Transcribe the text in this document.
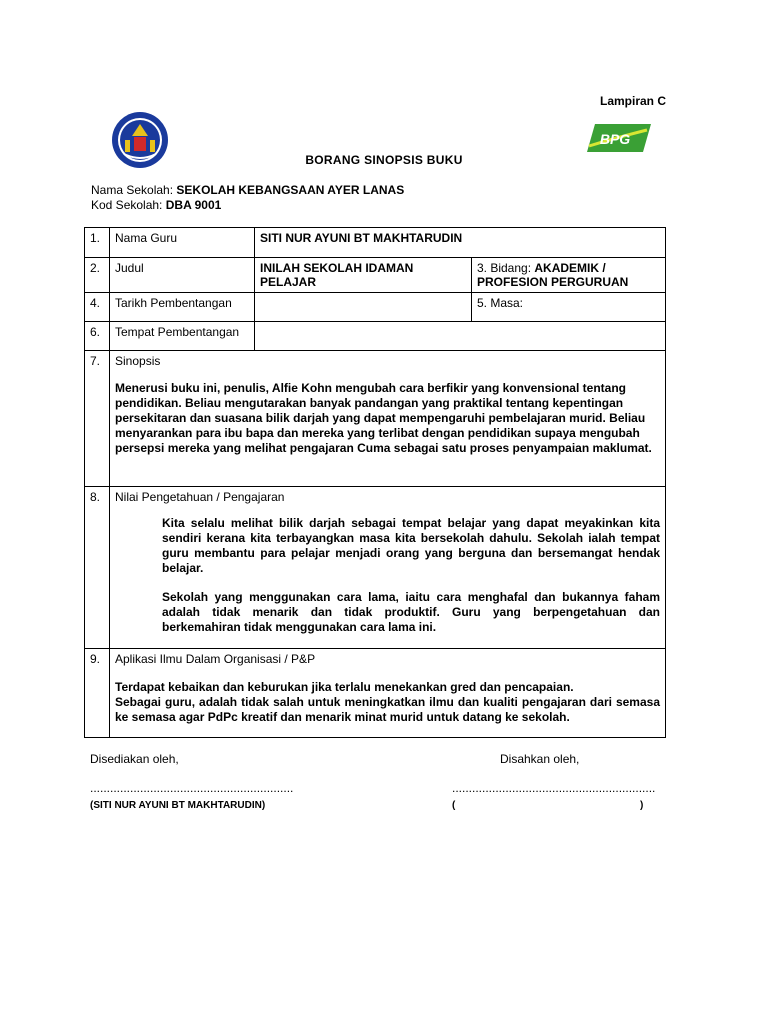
BPG
Lampiran C
BORANG SINOPSIS BUKU
Nama Sekolah: SEKOLAH KEBANGSAAN AYER LANAS
Kod Sekolah: DBA 9001
1.	Nama Guru	SITI NUR AYUNI BT MAKHTARUDIN	
2.	Judul	INILAH SEKOLAH IDAMAN PELAJAR	3. Bidang: AKADEMIK / PROFESION PERGURUAN
4.	Tarikh Pembentangan		5. Masa:
6.	Tempat Pembentangan		
7.	Sinopsis
Menerusi buku ini, penulis, Alfie Kohn mengubah cara berfikir yang konvensional tentang pendidikan. Beliau mengutarakan banyak pandangan yang praktikal tentang kepentingan persekitaran dan suasana bilik darjah yang dapat mempengaruhi pembelajaran murid. Beliau menyarankan para ibu bapa dan mereka yang terlibat dengan pendidikan supaya mengubah persepsi mereka yang melihat pengajaran Cuma sebagai satu proses penyampaian maklumat.		

8.	Nilai Pengetahuan / Pengajaran
Kita selalu melihat bilik darjah sebagai tempat belajar yang dapat meyakinkan kita sendiri kerana kita terbayangkan masa kita bersekolah dahulu. Sekolah ialah tempat guru membantu para pelajar menjadi orang yang berguna dan bersemangat hendak belajar.
Sekolah yang menggunakan cara lama, iaitu cara menghafal dan bukannya faham adalah tidak menarik dan tidak produktif. Guru yang berpengetahuan dan berkemahiran tidak menggunakan cara lama ini.		

9.	Aplikasi Ilmu Dalam Organisasi / P&P
Terdapat kebaikan dan keburukan jika terlalu menekankan gred dan pencapaian.
Sebagai guru, adalah tidak salah untuk meningkatkan ilmu dan kualiti pengajaran dari semasa ke semasa agar PdPc kreatif dan menarik minat murid untuk datang ke sekolah.		
Disediakan oleh,	Disahkan oleh,
.............................................................	.............................................................
(SITI NUR AYUNI BT MAKHTARUDIN)	(	)
